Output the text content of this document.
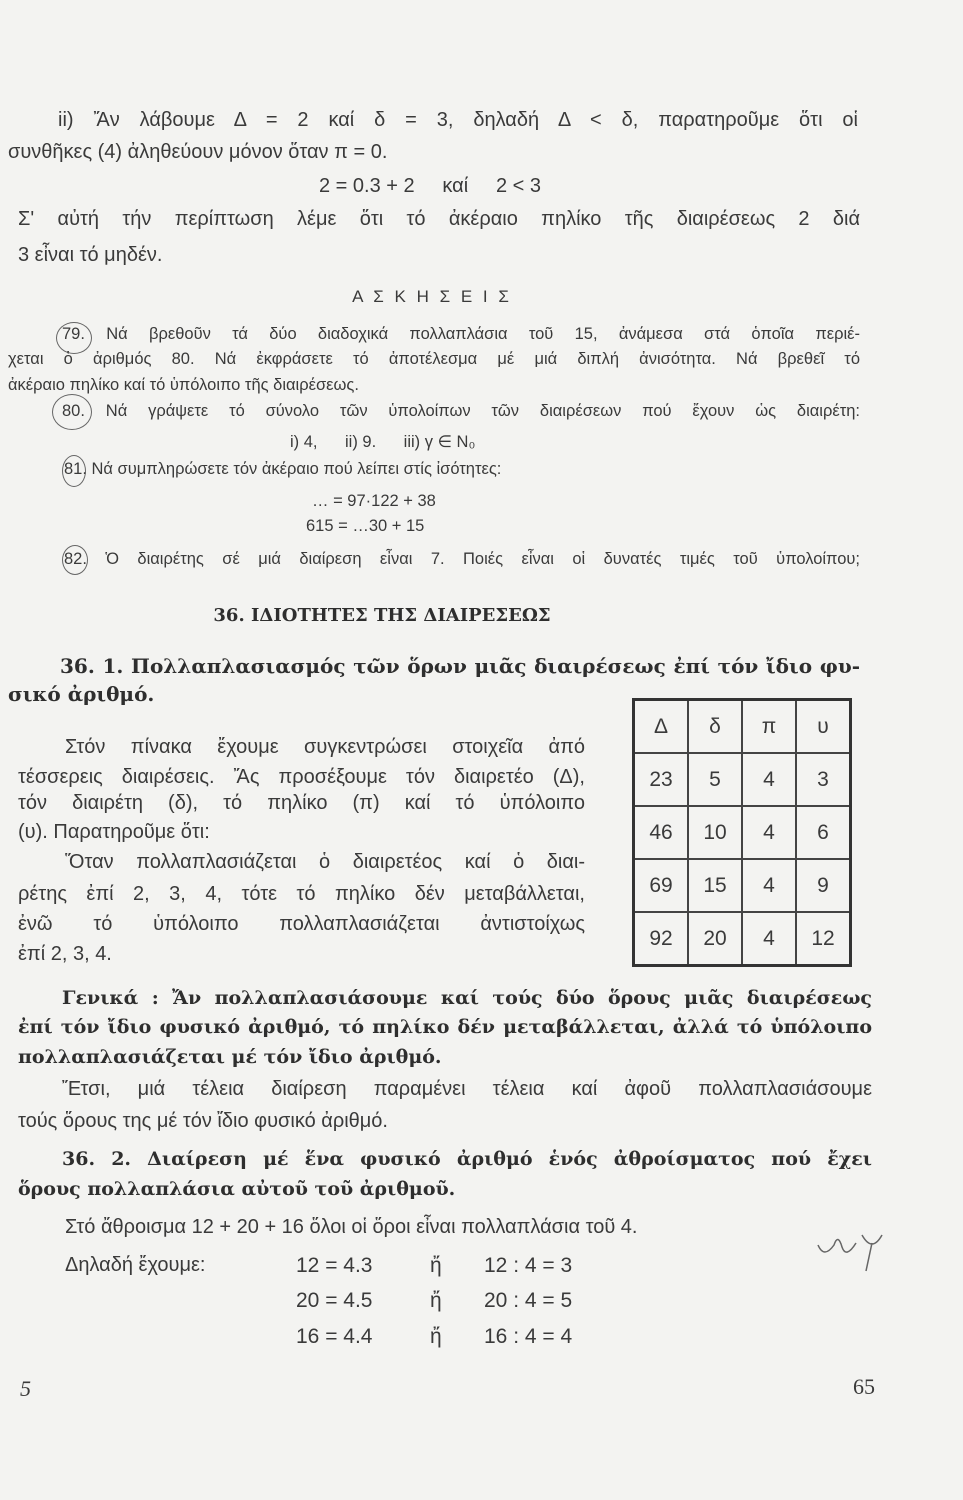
ii) Ἄν λάβουμε Δ = 2 καί δ = 3, δηλαδή Δ < δ, παρατηροῦμε ὅτι οἱ
συνθῆκες (4) ἀληθεύουν μόνον ὅταν π = 0.
2 = 0.3 + 2     καί     2 < 3
Σ' αὐτή τήν περίπτωση λέμε ὅτι τό ἀκέραιο πηλίκο τῆς διαιρέσεως 2 διά
3 εἶναι τό μηδέν.
Α Σ Κ Η Σ Ε Ι Σ
79. Νά βρεθοῦν τά δύο διαδοχικά πολλαπλάσια τοῦ 15, ἀνάμεσα στά ὁποῖα περιέ-
χεται ὁ ἀριθμός 80. Νά ἐκφράσετε τό ἀποτέλεσμα μέ μιά διπλή ἀνισότητα. Νά βρεθεῖ τό
ἀκέραιο πηλίκο καί τό ὑπόλοιπο τῆς διαιρέσεως.
80. Νά γράψετε τό σύνολο τῶν ὑπολοίπων τῶν διαιρέσεων πού ἔχουν ὡς διαιρέτη:
i) 4,      ii) 9.      iii) γ ∈ N₀
81. Νά συμπληρώσετε τόν ἀκέραιο πού λείπει στίς ἰσότητες:
… = 97·122 + 38
615 = …30 + 15
82. Ὁ διαιρέτης σέ μιά διαίρεση εἶναι 7. Ποιές εἶναι οἱ δυνατές τιμές τοῦ ὑπολοίπου;
36. ΙΔΙΟΤΗΤΕΣ ΤΗΣ ΔΙΑΙΡΕΣΕΩΣ
36. 1. Πολλαπλασιασμός τῶν ὅρων μιᾶς διαιρέσεως ἐπί τόν ἴδιο φυ-
σικό ἀριθμό.
Στόν πίνακα ἔχουμε συγκεντρώσει στοιχεῖα ἀπό
τέσσερεις διαιρέσεις. Ἄς προσέξουμε τόν διαιρετέο (Δ),
τόν διαιρέτη (δ), τό πηλίκο (π) καί τό ὑπόλοιπο
(υ). Παρατηροῦμε ὅτι:
Ὅταν πολλαπλασιάζεται ὁ διαιρετέος καί ὁ διαι-
ρέτης ἐπί 2, 3, 4, τότε τό πηλίκο δέν μεταβάλλεται,
ἐνῶ τό ὑπόλοιπο πολλαπλασιάζεται ἀντιστοίχως
ἐπί 2, 3, 4.
Δ	δ	π	υ
23	5	4	3
46	10	4	6
69	15	4	9
92	20	4	12
Γενικά : Ἄν πολλαπλασιάσουμε καί τούς δύο ὅρους μιᾶς διαιρέσεως
ἐπί τόν ἴδιο φυσικό ἀριθμό, τό πηλίκο δέν μεταβάλλεται, ἀλλά τό ὑπόλοιπο
πολλαπλασιάζεται μέ τόν ἴδιο ἀριθμό.
Ἔτσι, μιά τέλεια διαίρεση παραμένει τέλεια καί ἀφοῦ πολλαπλασιάσουμε
τούς ὅρους της μέ τόν ἴδιο φυσικό ἀριθμό.
36. 2. Διαίρεση μέ ἕνα φυσικό ἀριθμό ἑνός ἀθροίσματος πού ἔχει
ὅρους πολλαπλάσια αὐτοῦ τοῦ ἀριθμοῦ.
Στό ἄθροισμα 12 + 20 + 16 ὅλοι οἱ ὅροι εἶναι πολλαπλάσια τοῦ 4.
Δηλαδή ἔχουμε:	12 = 4.3	ἤ 12 : 4 = 3
20 = 4.5	ἤ 20 : 4 = 5
16 = 4.4	ἤ 16 : 4 = 4
5	65
